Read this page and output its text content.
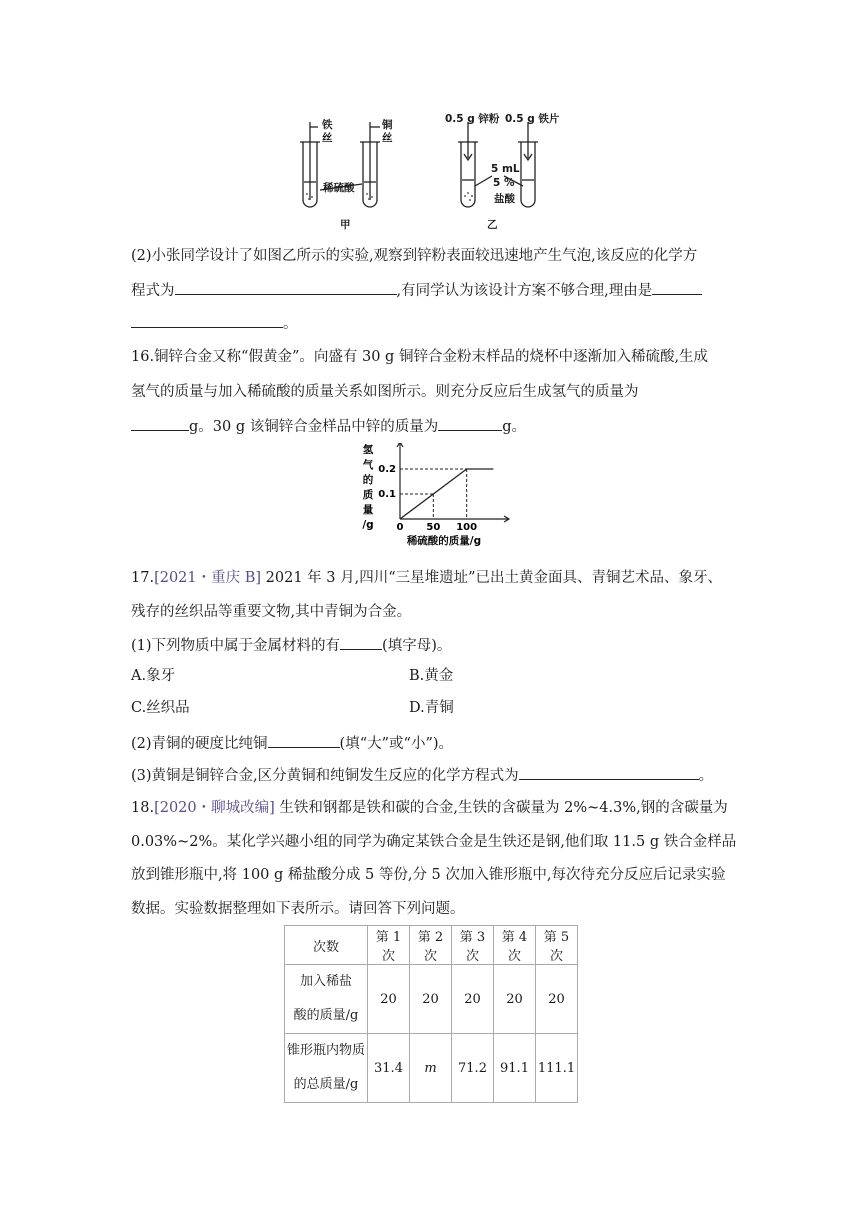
铁丝
铜丝
稀硫酸
甲
0.5 g 锌粉 0.5 g 铁片
5 mL
5 %
盐酸
乙
(2)小张同学设计了如图乙所示的实验,观察到锌粉表面较迅速地产生气泡,该反应的化学方
程式为	,有同学认为该设计方案不够合理,理由是
。
16.铜锌合金又称“假黄金”。向盛有 30 g 铜锌合金粉末样品的烧杯中逐渐加入稀硫酸,生成
氢气的质量与加入稀硫酸的质量关系如图所示。则充分反应后生成氢气的质量为
g。30 g 该铜锌合金样品中锌的质量为	g。
0.1
0.2
0 50 100
稀硫酸的质量/g
氢
气
的
质
量
/g
17.[2021・重庆 B] 2021 年 3 月,四川“三星堆遗址”已出土黄金面具、青铜艺术品、象牙、
残存的丝织品等重要文物,其中青铜为合金。
(1)下列物质中属于金属材料的有	(填字母)。
A.象牙	B.黄金
C.丝织品	D.青铜
(2)青铜的硬度比纯铜	(填“大”或“小”)。
(3)黄铜是铜锌合金,区分黄铜和纯铜发生反应的化学方程式为	。
18.[2020・聊城改编] 生铁和钢都是铁和碳的合金,生铁的含碳量为 2%~4.3%,钢的含碳量为
0.03%~2%。某化学兴趣小组的同学为确定某铁合金是生铁还是钢,他们取 11.5 g 铁合金样品
放到锥形瓶中,将 100 g 稀盐酸分成 5 等份,分 5 次加入锥形瓶中,每次待充分反应后记录实验
数据。实验数据整理如下表所示。请回答下列问题。
次数	第 1 次	第 2 次	第 3 次	第 4 次	第 5 次
加入稀盐
酸的质量/g	20	20	20	20	20
锥形瓶内物质
的总质量/g	31.4	m	71.2	91.1	111.1
